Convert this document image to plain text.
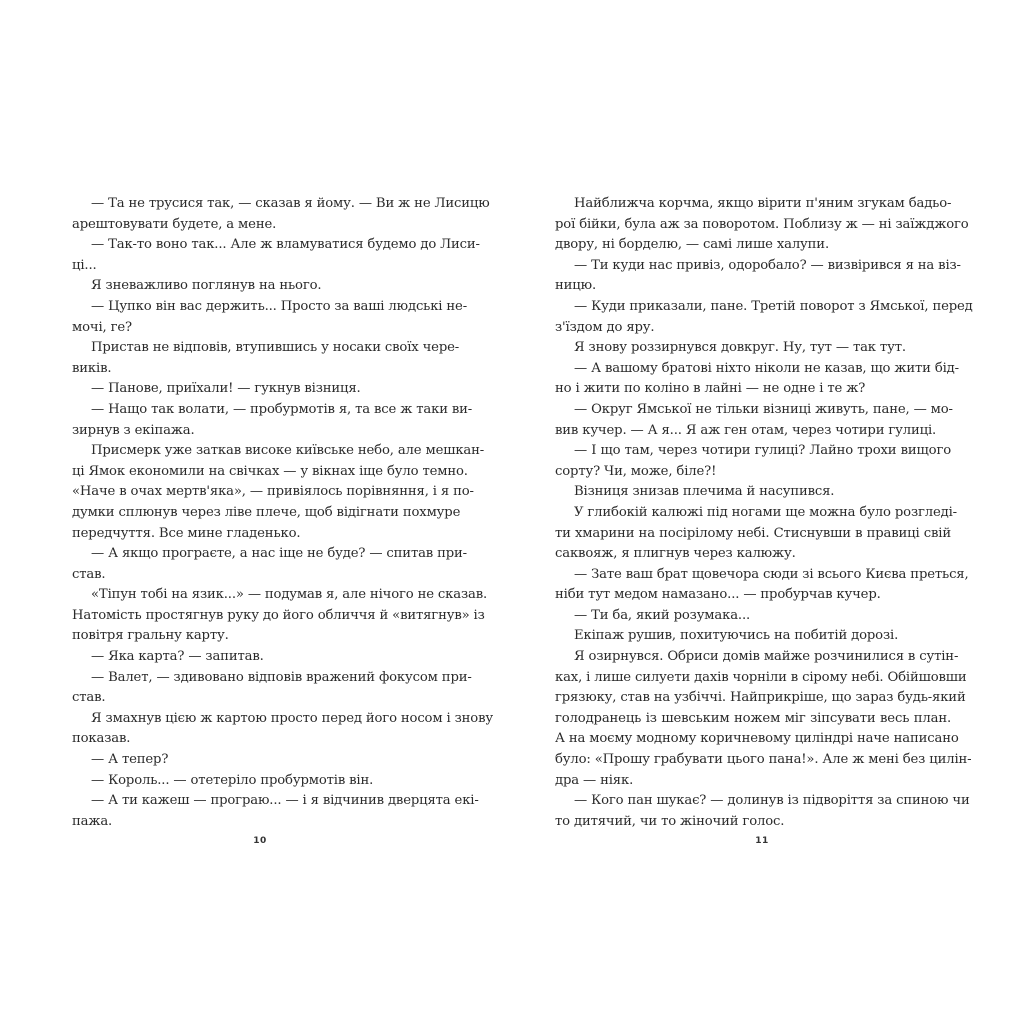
— Та не трусися так, — сказав я йому. — Ви ж не Лисицю
арештовувати будете, а мене.
— Так-то воно так... Але ж вламуватися будемо до Лиси-
ці...
Я зневажливо поглянув на нього.
— Цупко він вас держить... Просто за ваші людські не-
мочі, ге?
Пристав не відповів, втупившись у носаки своїх чере-
виків.
— Панове, приїхали! — гукнув візниця.
— Нащо так волати, — пробурмотів я, та все ж таки ви-
зирнув з екіпажа.
Присмерк уже заткав високе київське небо, але мешкан-
ці Ямок економили на свічках — у вікнах іще було темно.
«Наче в очах мертв'яка», — привіялось порівняння, і я по-
думки сплюнув через ліве плече, щоб відігнати похмуре
передчуття. Все мине гладенько.
— А якщо програєте, а нас іще не буде? — спитав при-
став.
«Тіпун тобі на язик...» — подумав я, але нічого не сказав.
Натомість простягнув руку до його обличчя й «витягнув» із
повітря гральну карту.
— Яка карта? — запитав.
— Валет, — здивовано відповів вражений фокусом при-
став.
Я змахнув цією ж картою просто перед його носом і знову
показав.
— А тепер?
— Король... — отетеріло пробурмотів він.
— А ти кажеш — програю... — і я відчинив дверцята екі-
пажа.
10
Найближча корчма, якщо вірити п'яним згукам бадьо-
рої бійки, була аж за поворотом. Поблизу ж — ні заїжджого
двору, ні борделю, — самі лише халупи.
— Ти куди нас привіз, одоробало? — визвірився я на віз-
ницю.
— Куди приказали, пане. Третій поворот з Ямської, перед
з'їздом до яру.
Я знову роззирнувся довкруг. Ну, тут — так тут.
— А вашому братові ніхто ніколи не казав, що жити бід-
но і жити по коліно в лайні — не одне і те ж?
— Округ Ямської не тільки візниці живуть, пане, — мо-
вив кучер. — А я... Я аж ген отам, через чотири гулиці.
— І що там, через чотири гулиці? Лайно трохи вищого
сорту? Чи, може, біле?!
Візниця знизав плечима й насупився.
У глибокій калюжі під ногами ще можна було розгледі-
ти хмарини на посірілому небі. Стиснувши в правиці свій
саквояж, я плигнув через калюжу.
— Зате ваш брат щовечора сюди зі всього Києва преться,
ніби тут медом намазано... — пробурчав кучер.
— Ти ба, який розумака...
Екіпаж рушив, похитуючись на побитій дорозі.
Я озирнувся. Обриси домів майже розчинилися в сутін-
ках, і лише силуети дахів чорніли в сірому небі. Обійшовши
грязюку, став на узбіччі. Найприкріше, що зараз будь-який
голодранець із шевським ножем міг зіпсувати весь план.
А на моєму модному коричневому циліндрі наче написано
було: «Прошу грабувати цього пана!». Але ж мені без цилін-
дра — ніяк.
— Кого пан шукає? — долинув із підворіття за спиною чи
то дитячий, чи то жіночий голос.
11
